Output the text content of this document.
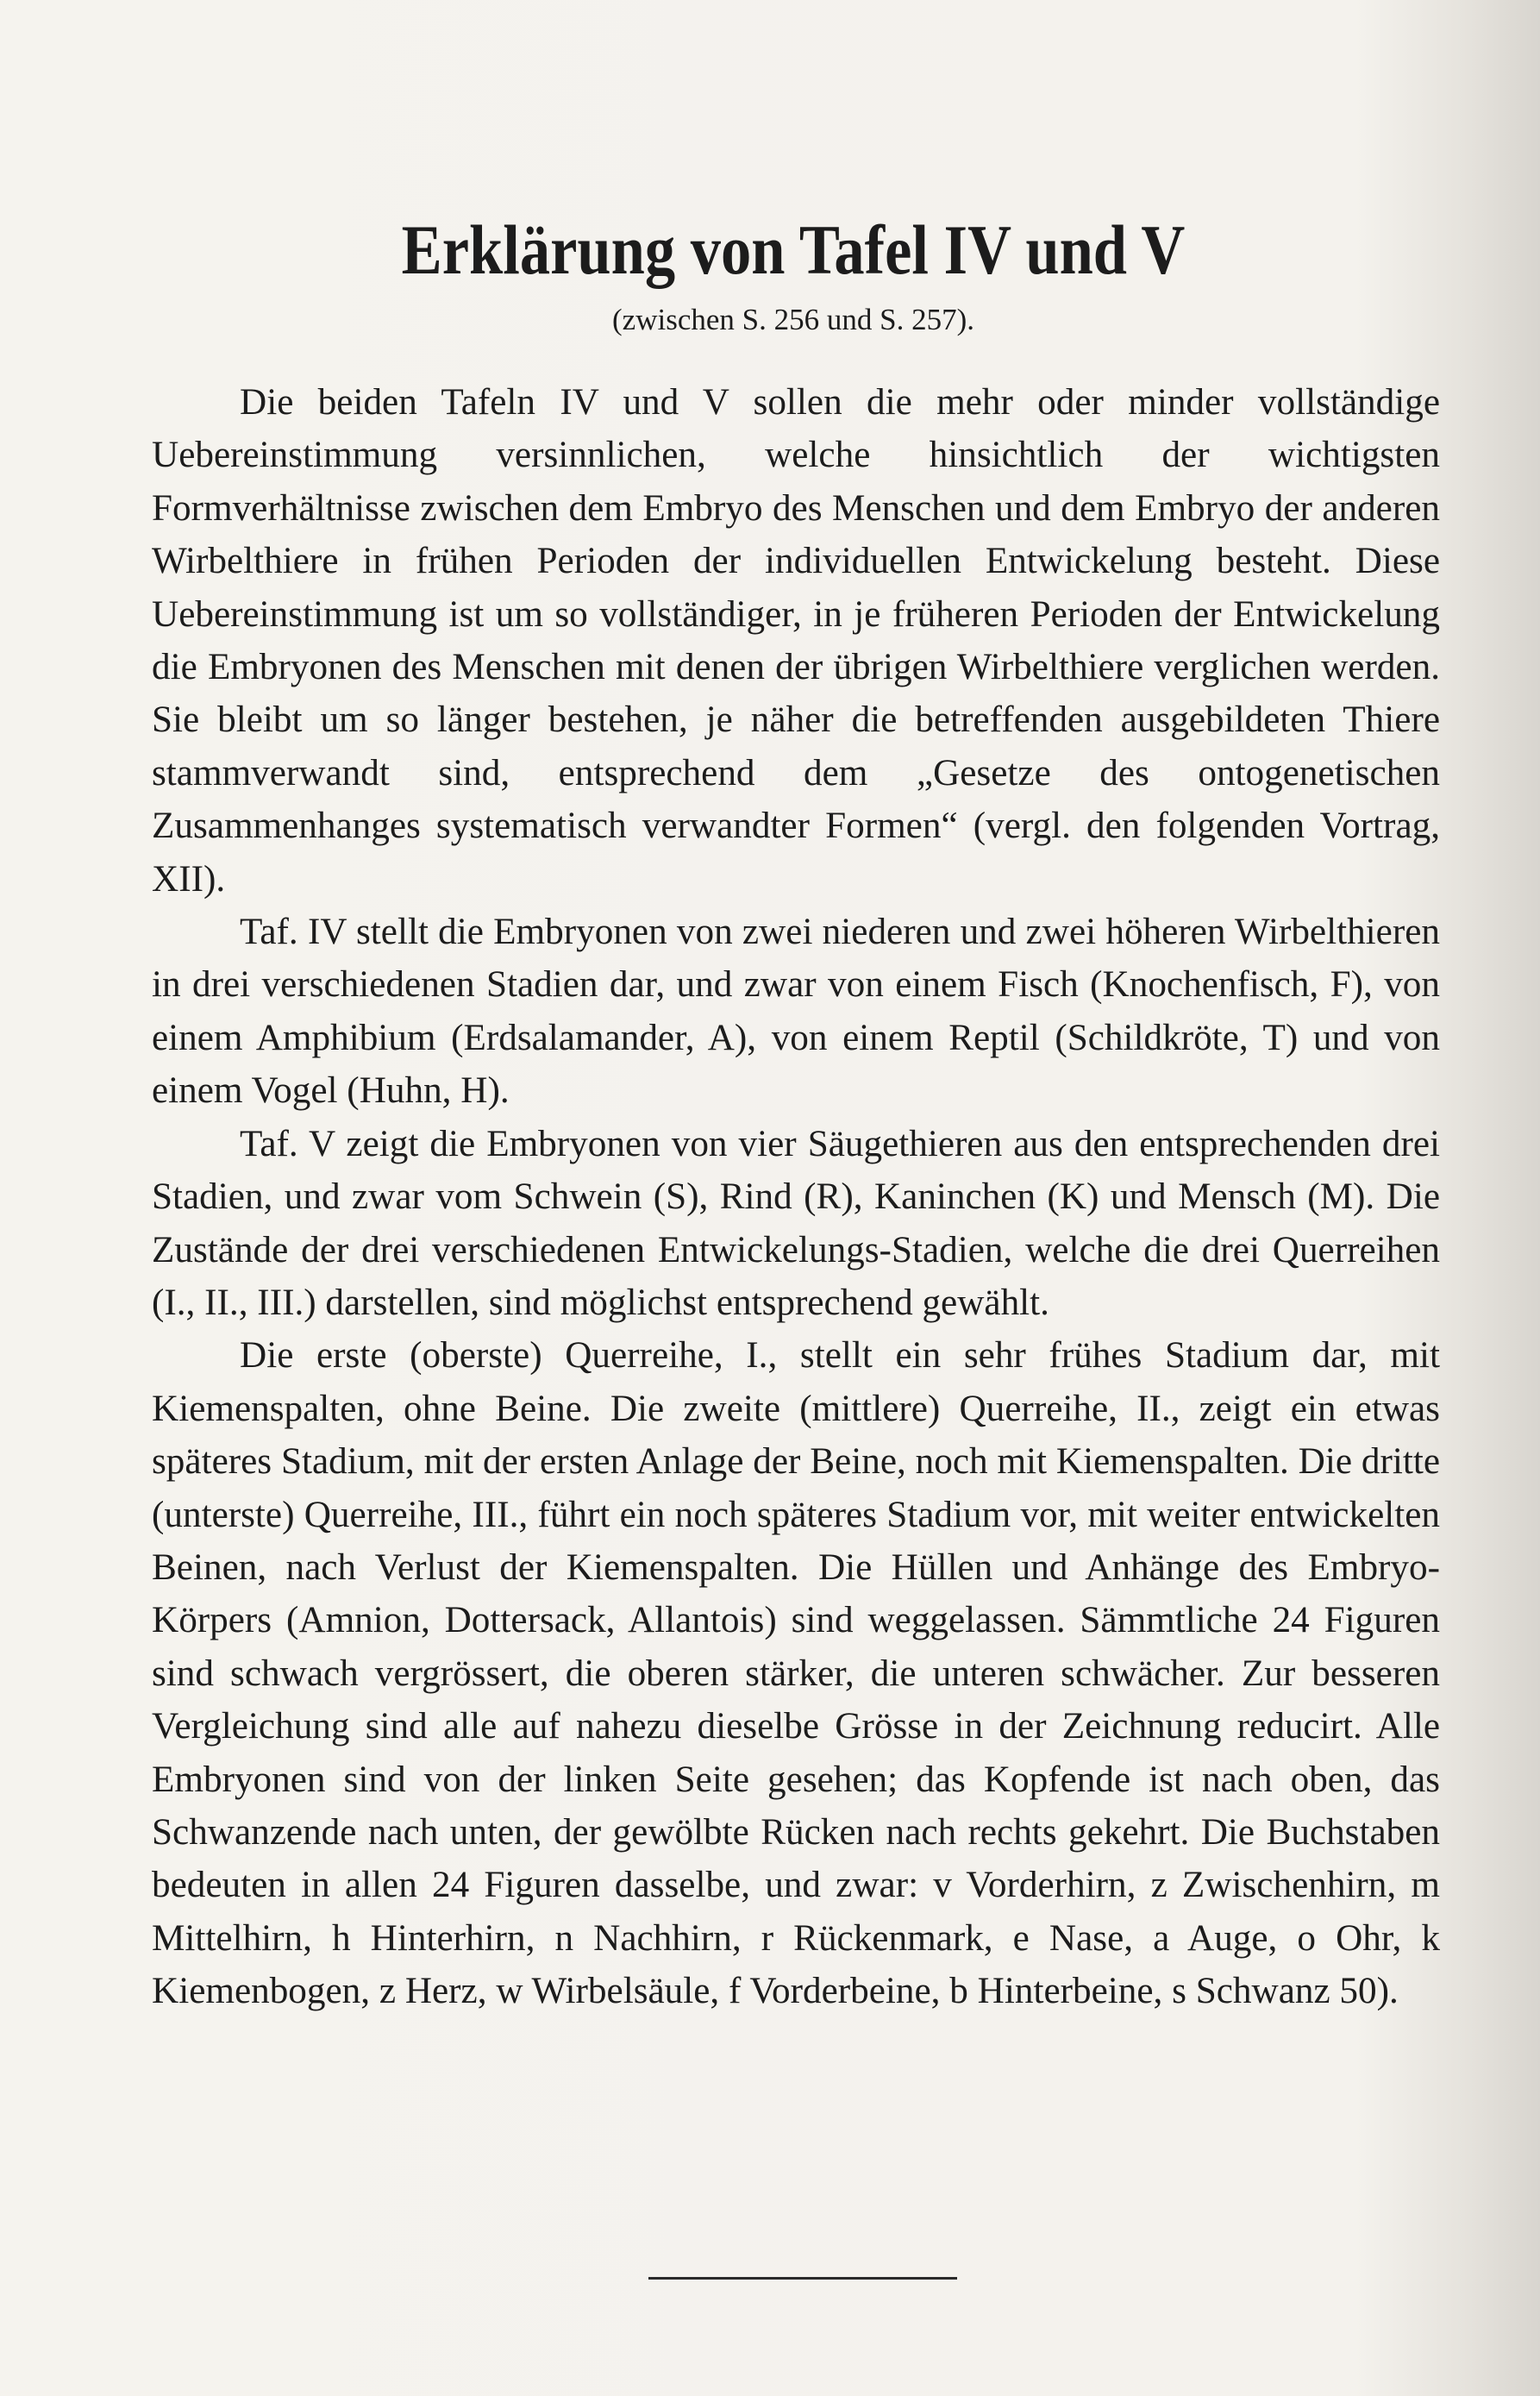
Erklärung von Tafel IV und V
(zwischen S. 256 und S. 257).

Die beiden Tafeln IV und V sollen die mehr oder minder vollständige Uebereinstimmung versinnlichen, welche hinsichtlich der wichtigsten Formverhältnisse zwischen dem Embryo des Menschen und dem Embryo der anderen Wirbelthiere in frühen Perioden der individuellen Entwickelung besteht. Diese Uebereinstimmung ist um so vollständiger, in je früheren Perioden der Entwickelung die Embryonen des Menschen mit denen der übrigen Wirbelthiere verglichen werden. Sie bleibt um so länger bestehen, je näher die betreffenden ausgebildeten Thiere stammverwandt sind, entsprechend dem „Gesetze des ontogenetischen Zusammenhanges systematisch verwandter Formen“ (vergl. den folgenden Vortrag, XII).

Taf. IV stellt die Embryonen von zwei niederen und zwei höheren Wirbelthieren in drei verschiedenen Stadien dar, und zwar von einem Fisch (Knochenfisch, F), von einem Amphibium (Erdsalamander, A), von einem Reptil (Schildkröte, T) und von einem Vogel (Huhn, H).

Taf. V zeigt die Embryonen von vier Säugethieren aus den entsprechenden drei Stadien, und zwar vom Schwein (S), Rind (R), Kaninchen (K) und Mensch (M). Die Zustände der drei verschiedenen Entwickelungs-Stadien, welche die drei Querreihen (I., II., III.) darstellen, sind möglichst entsprechend gewählt.

Die erste (oberste) Querreihe, I., stellt ein sehr frühes Stadium dar, mit Kiemenspalten, ohne Beine. Die zweite (mittlere) Querreihe, II., zeigt ein etwas späteres Stadium, mit der ersten Anlage der Beine, noch mit Kiemenspalten. Die dritte (unterste) Querreihe, III., führt ein noch späteres Stadium vor, mit weiter entwickelten Beinen, nach Verlust der Kiemenspalten. Die Hüllen und Anhänge des Embryo-Körpers (Amnion, Dottersack, Allantois) sind weggelassen. Sämmtliche 24 Figuren sind schwach vergrössert, die oberen stärker, die unteren schwächer. Zur besseren Vergleichung sind alle auf nahezu dieselbe Grösse in der Zeichnung reducirt. Alle Embryonen sind von der linken Seite gesehen; das Kopfende ist nach oben, das Schwanzende nach unten, der gewölbte Rücken nach rechts gekehrt. Die Buchstaben bedeuten in allen 24 Figuren dasselbe, und zwar: v Vorderhirn, z Zwischenhirn, m Mittelhirn, h Hinterhirn, n Nachhirn, r Rückenmark, e Nase, a Auge, o Ohr, k Kiemenbogen, z Herz, w Wirbelsäule, f Vorderbeine, b Hinterbeine, s Schwanz 50).
